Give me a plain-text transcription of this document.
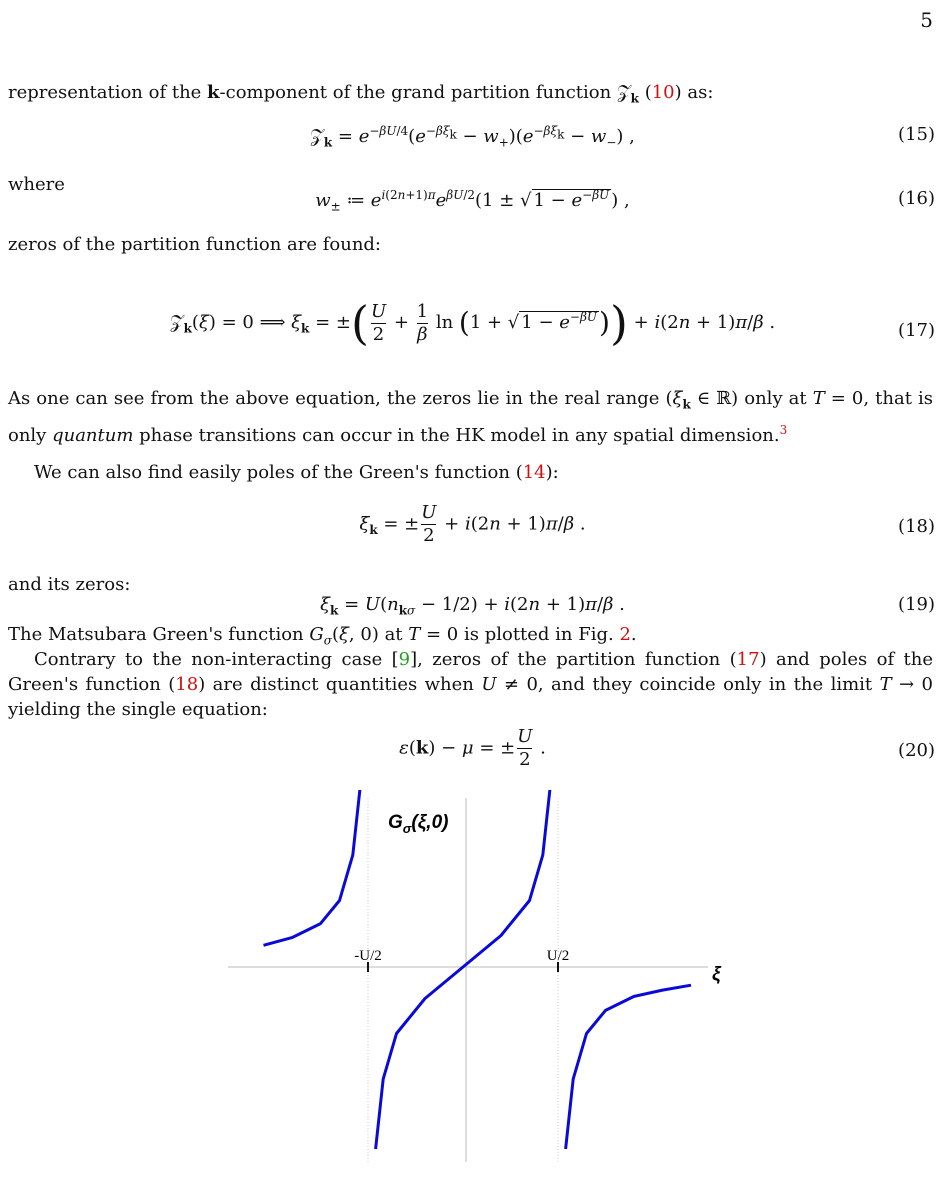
5
representation of the k-component of the grand partition function 𝒵$_k$ (10) as:
𝒵$_k$ = $e^{-\beta U/4}(e^{-\beta\xi_k} - w_+)(e^{-\beta\xi_k} - w_-)$ ,	(15)
where
$w_\pm$ ≔ $e^{i(2n+1)\pi}e^{\beta U/2}(1$ ± √ $1 - e^{-\beta U}$ ) ,	(16)
zeros of the partition function are found:
𝒵$_k$(ξ) = 0 ⟹ $\xi_k$ = ±( $\frac{U}{2} + \frac{1}{\beta}$ ln (1 + √ $1 - e^{-\beta U})) + i(2n + 1)\pi/\beta$ .	(17)
As one can see from the above equation, the zeros lie in the real range ($\xi_k$ ∈ ℝ) only at T = 0, that is only quantum phase transitions can occur in the HK model in any spatial dimension.$^3$
We can also find easily poles of the Green's function (14):
$\xi_k$ = ± $\frac{U}{2} + i(2n + 1)\pi/\beta$ .	(18)
and its zeros:
$\xi_k = U(n_{k\sigma} - 1/2) + i(2n + 1)\pi/\beta$ .	(19)
The Matsubara Green's function $G_\sigma(\xi$, 0) at T = 0 is plotted in Fig. 2.
Contrary to the non-interacting case [9], zeros of the partition function (17) and poles of the Green's function (18) are distinct quantities when U ≠ 0, and they coincide only in the limit T → 0 yielding the single equation:
ε(k) − μ = ± $\frac{U}{2}$ .	(20)
-U/2	U/2
$G_\sigma(\xi,0)$
ξ
